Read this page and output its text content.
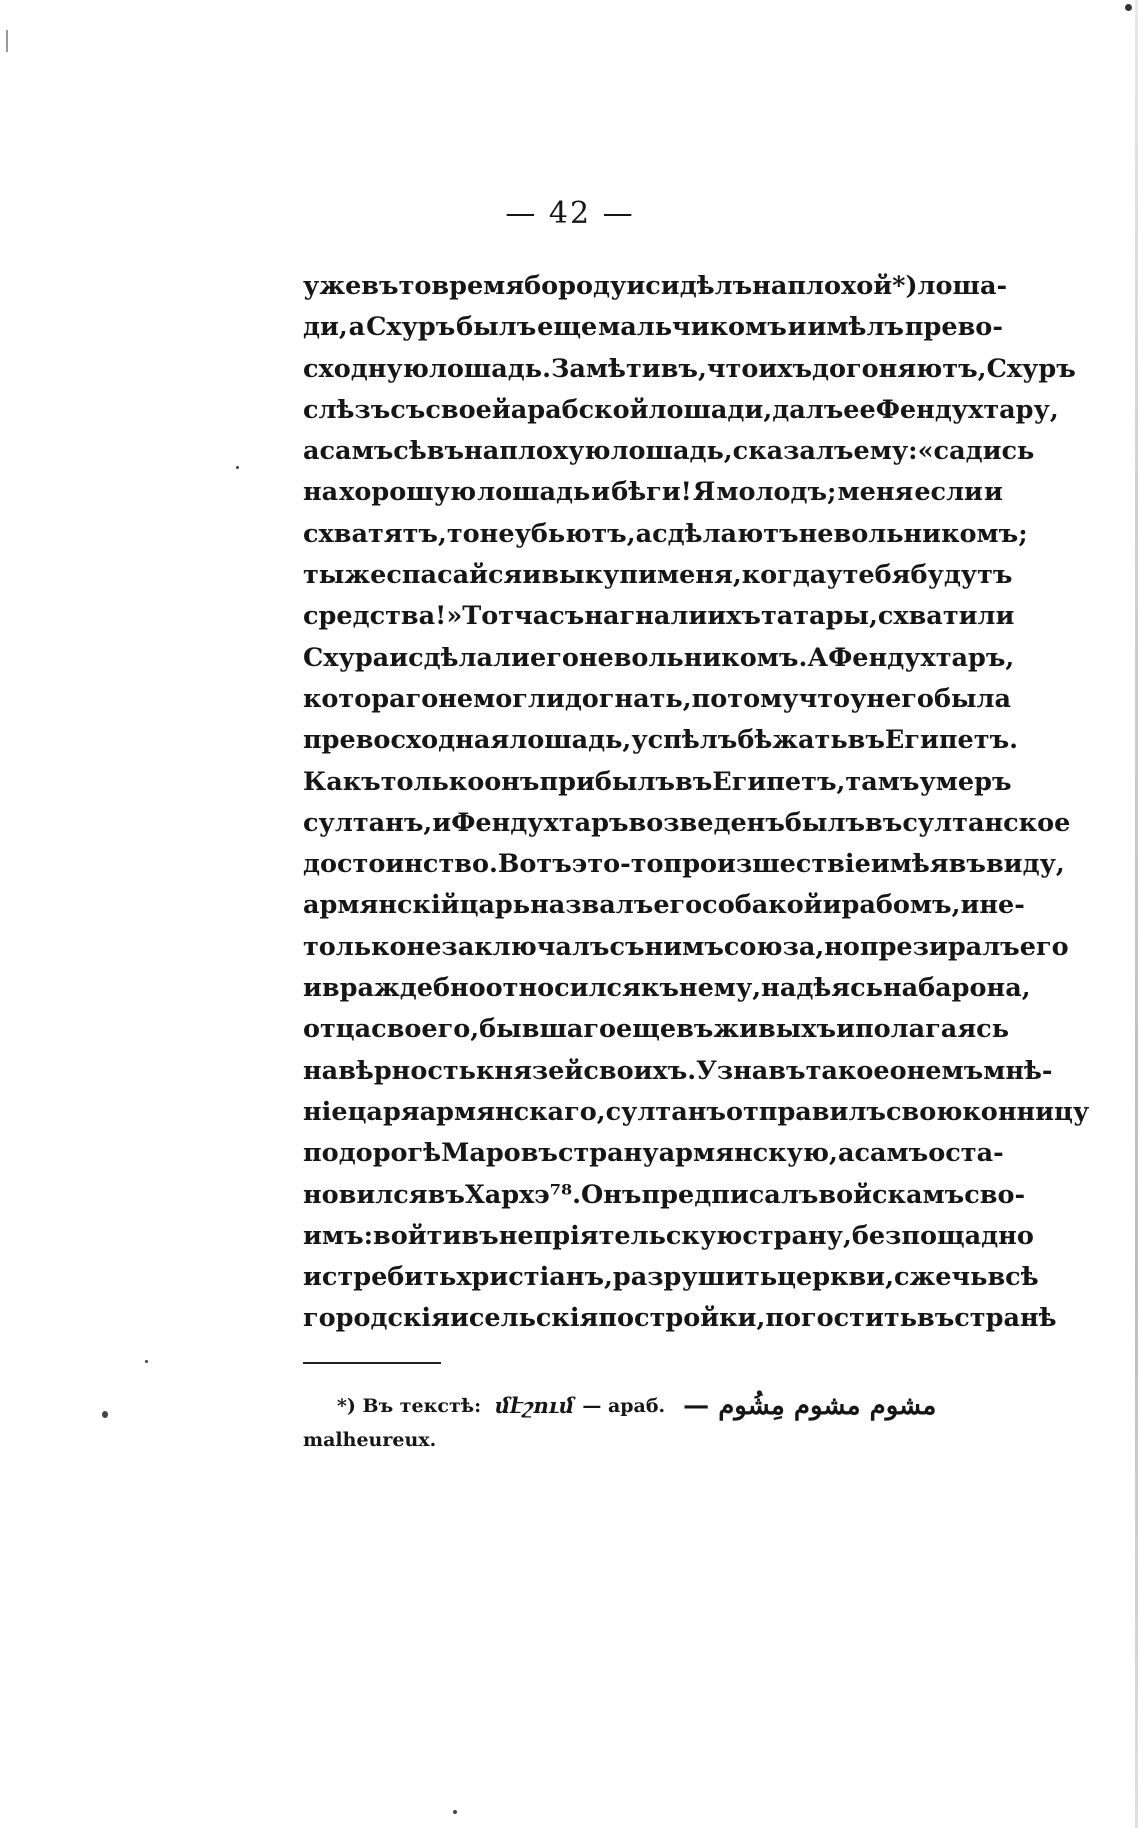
— 42 —
уже въ то время бороду и сидѣлъ на плохой *) лоша-
ди, а Схуръ былъ еще мальчикомъ и имѣлъ прево-
сходную лошадь. Замѣтивъ, что ихъ догоняютъ, Схуръ
слѣзъ съ своей арабской лошади, далъ ее Фендухтару,
а самъ сѣвъ на плохую лошадь, сказалъ ему: «садись
на хорошую лошадь и бѣги! Я молодъ; меня если и
схватятъ, то не убьютъ, а сдѣлаютъ невольникомъ;
ты же спасайся и выкупи меня, когда у тебя будутъ
средства!» Тотчасъ нагнали ихъ татары, схватили
Схура и сдѣлали его невольникомъ. А Фендухтаръ,
котораго немогли догнать, потому что у него была
превосходная лошадь, успѣлъ бѣжать въ Египетъ.
Какъ только онъ прибылъ въ Египетъ, тамъ умеръ
султанъ, и Фендухтаръ возведенъ былъ въ султанское
достоинство. Вотъ это-то произшествіе имѣя въ виду,
армянскій царь назвалъ его собакой и рабомъ, и не-
только не заключалъ съ нимъ союза, но презиралъ его
и враждебно относился къ нему, надѣясь на барона,
отца своего, бывшаго еще въ живыхъ и полагаясь
на вѣрность князей своихъ. Узнавъ такое о немъ мнѣ-
ніе царя армянскаго, султанъ отправилъ свою конницу
по дорогѣ Маро въ страну армянскую, а самъ оста-
новился въ Хархэ⁷⁸. Онъ предписалъ войскамъ сво-
имъ: войти въ непріятельскую страну, безпощадно
истребить христіанъ, разрушить церкви, сжечь всѣ
городскія и сельскія постройки, погостить въ странѣ
*) Въ текстѣ: մէշում — араб. مشوم مشوم مِشُوم —
malheureux.
